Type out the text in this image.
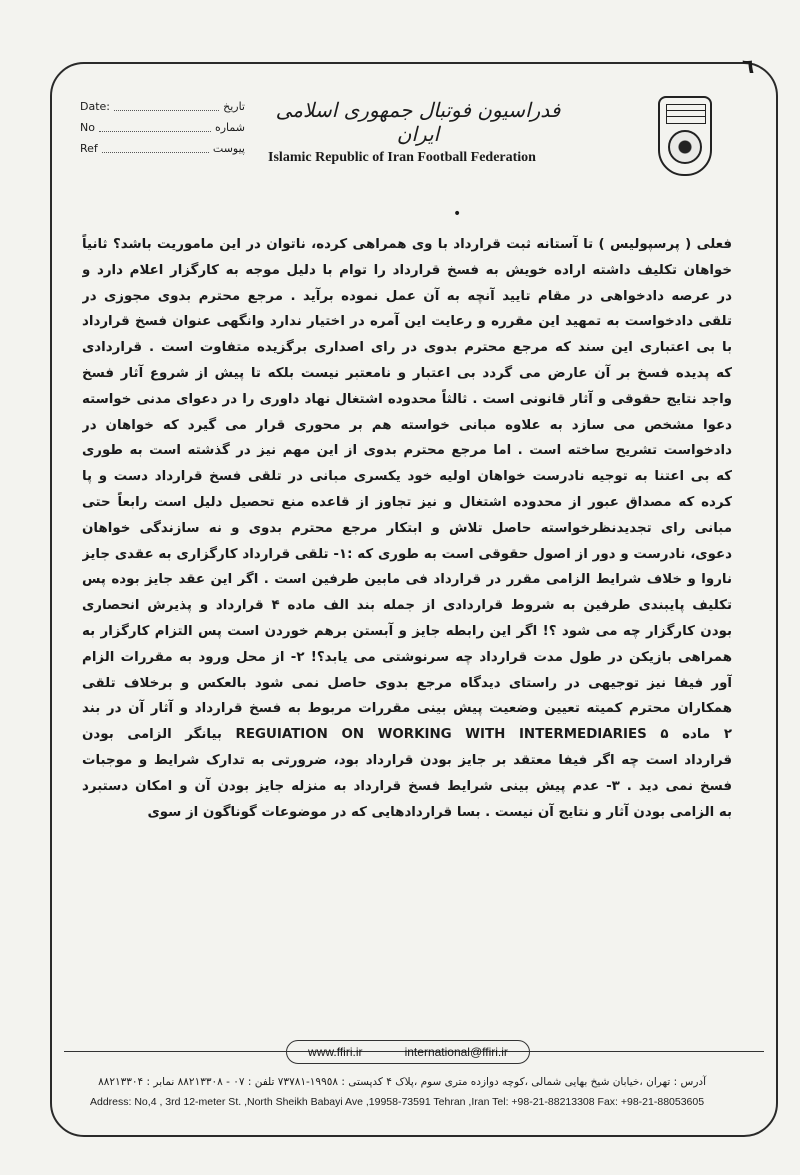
٦
Date:	تاریخ
No	شماره
Ref	پیوست
فدراسیون فوتبال جمهوری اسلامی ایران
Islamic Republic of Iran Football Federation
•
فعلی ( پرسپولیس ) تا آستانه ثبت قرارداد با وی همراهی کرده، ناتوان در این ماموریت باشد؟ ثانیاً
خواهان تکلیف داشته اراده خویش به فسخ قرارداد را توام با دلیل موجه به کارگزار اعلام دارد و
در عرصه دادخواهی در مقام تایید آنچه به آن عمل نموده برآید . مرجع محترم بدوی مجوزی در
تلقی دادخواست به تمهید این مقرره و رعایت این آمره در اختیار ندارد وانگهی عنوان فسخ قرارداد
با بی اعتباری این سند که مرجع محترم بدوی در رای اصداری برگزیده متفاوت است . قراردادی
که پدیده فسخ بر آن عارض می گردد بی اعتبار و نامعتبر نیست بلکه تا پیش از شروع آثار فسخ
واجد نتایج حقوقی و آثار قانونی است . ثالثاً محدوده اشتغال نهاد داوری را در دعوای مدنی خواسته
دعوا مشخص می سازد به علاوه مبانی خواسته هم بر محوری قرار می گیرد که خواهان در
دادخواست تشریح ساخته است . اما مرجع محترم بدوی از این مهم نیز در گذشته است به طوری
که بی اعتنا به توجیه نادرست خواهان اولیه خود یکسری مبانی در تلقی فسخ قرارداد دست و پا
کرده که مصداق عبور از محدوده اشتغال و نیز تجاوز از قاعده منع تحصیل دلیل است رابعاً حتی
مبانی رای تجدیدنظرخواسته حاصل تلاش و ابتکار مرجع محترم بدوی و نه سازندگی خواهان
دعوی، نادرست و دور از اصول حقوقی است به طوری که :١- تلقی قرارداد کارگزاری به عقدی جایز
ناروا و خلاف شرایط الزامی مقرر در قرارداد فی مابین طرفین است . اگر این عقد جایز بوده پس
تکلیف پایبندی طرفین به شروط قراردادی از جمله بند الف ماده ۴ قرارداد و پذیرش انحصاری
بودن کارگزار چه می شود ؟! اگر این رابطه جایز و آبستن برهم خوردن است پس التزام کارگزار به
همراهی بازیکن در طول مدت قرارداد چه سرنوشتی می یابد؟! ٢- از محل ورود به مقررات الزام
آور فیفا نیز توجیهی در راستای دیدگاه مرجع بدوی حاصل نمی شود بالعکس و برخلاف تلقی
همکاران محترم کمیته تعیین وضعیت پیش بینی مقررات مربوط به فسخ قرارداد و آثار آن در بند
٢ ماده ۵ REGUIATION ON WORKING WITH INTERMEDIARIES بیانگر الزامی بودن
قرارداد است چه اگر فیفا معتقد بر جایز بودن قرارداد بود، ضرورتی به تدارک شرایط و موجبات
فسخ نمی دید . ٣- عدم پیش بینی شرایط فسخ قرارداد به منزله جایز بودن آن و امکان دستبرد
به الزامی بودن آثار و نتایج آن نیست . بسا قراردادهایی که در موضوعات گوناگون از سوی
www.ffiri.ir	international@ffiri.ir
آدرس : تهران ،خیابان شیخ بهایی شمالی ،کوچه دوازده متری سوم ،پلاک ۴ کدپستی : ١٩٩٥٨-٧٣٧٨١ تلفن : ٠٧ - ٨٨٢١٣٣٠٨ نمابر : ٨٨٢١٣٣٠۴
Address: No,4 , 3rd 12-meter St. ,North Sheikh Babayi Ave ,19958-73591 Tehran ,Iran Tel: +98-21-88213308 Fax: +98-21-88053605
